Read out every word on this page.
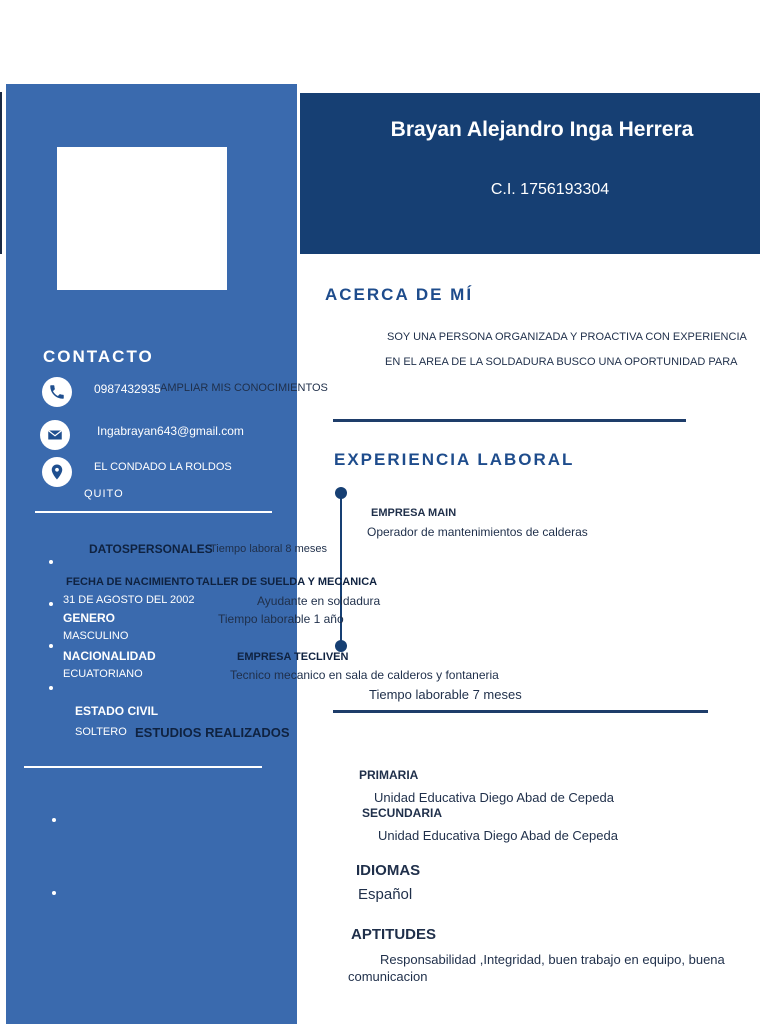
Brayan Alejandro Inga Herrera
C.I. 1756193304
ACERCA DE MÍ
SOY UNA PERSONA ORGANIZADA Y PROACTIVA CON EXPERIENCIA
EN EL AREA DE LA SOLDADURA BUSCO UNA OPORTUNIDAD PARA
AMPLIAR MIS CONOCIMIENTOS
CONTACTO
0987432935
Ingabrayan643@gmail.com
EL CONDADO LA ROLDOS
QUITO
DATOSPERSONALES
FECHA DE NACIMIENTO
31 DE AGOSTO DEL 2002
GENERO
MASCULINO
NACIONALIDAD
ECUATORIANO
ESTADO CIVIL
SOLTERO
EXPERIENCIA LABORAL
EMPRESA MAIN
Operador de mantenimientos de calderas
Tiempo laboral 8 meses
TALLER DE SUELDA Y MECANICA
Ayudante en soldadura
Tiempo laborable 1 año
EMPRESA TECLIVEN
Tecnico mecanico en sala de calderos y fontaneria
Tiempo laborable 7 meses
ESTUDIOS REALIZADOS
PRIMARIA
Unidad Educativa Diego Abad de Cepeda
SECUNDARIA
Unidad Educativa Diego Abad de Cepeda
IDIOMAS
Español
APTITUDES
Responsabilidad ,Integridad, buen trabajo en equipo, buena
comunicacion
